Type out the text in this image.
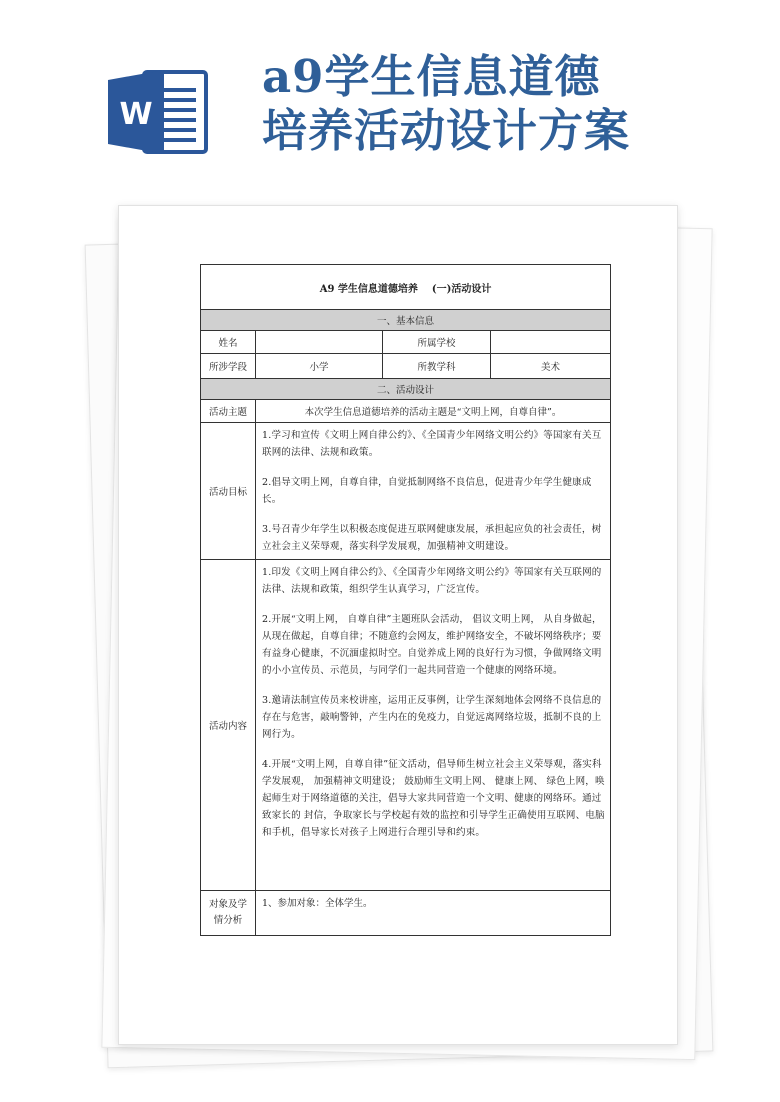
W
a9学生信息道德
培养活动设计方案
A9 学生信息道德培养 (一)活动设计			
一、基本信息			
姓名		所属学校	
所涉学段	小学	所教学科	美术
二、活动设计			
活动主题	本次学生信息道德培养的活动主题是“文明上网，自尊自律”。		
活动目标	1.学习和宣传《文明上网自律公约》、《全国青少年网络文明公约》等国家有关互联网的法律、法规和政策。

2.倡导文明上网，自尊自律，自觉抵制网络不良信息，促进青少年学生健康成长。

3.号召青少年学生以积极态度促进互联网健康发展，承担起应负的社会责任，树立社会主义荣辱观，落实科学发展观，加强精神文明建设。		

活动内容	1.印发《文明上网自律公约》、《全国青少年网络文明公约》等国家有关互联网的法律、法规和政策，组织学生认真学习，广泛宣传。

2.开展“文明上网， 自尊自律”主题班队会活动， 倡议文明上网， 从自身做起，从现在做起，自尊自律；不随意约会网友，维护网络安全，不破坏网络秩序；要有益身心健康，不沉湎虚拟时空。自觉养成上网的良好行为习惯，争做网络文明的小小宣传员、示范员，与同学们一起共同营造一个健康的网络环境。

3.邀请法制宣传员来校讲座，运用正反事例，让学生深刻地体会网络不良信息的存在与危害，敲响警钟，产生内在的免疫力，自觉远离网络垃圾，抵制不良的上网行为。

4.开展“文明上网，自尊自律”征文活动，倡导师生树立社会主义荣辱观，落实科学发展观， 加强精神文明建设； 鼓励师生文明上网、 健康上网、 绿色上网，唤起师生对于网络道德的关注，倡导大家共同营造一个文明、健康的网络环。通过致家长的 封信，争取家长与学校起有效的监控和引导学生正确使用互联网、电脑和手机，倡导家长对孩子上网进行合理引导和约束。		

对象及学
情分析	1、参加对象：全体学生。		
